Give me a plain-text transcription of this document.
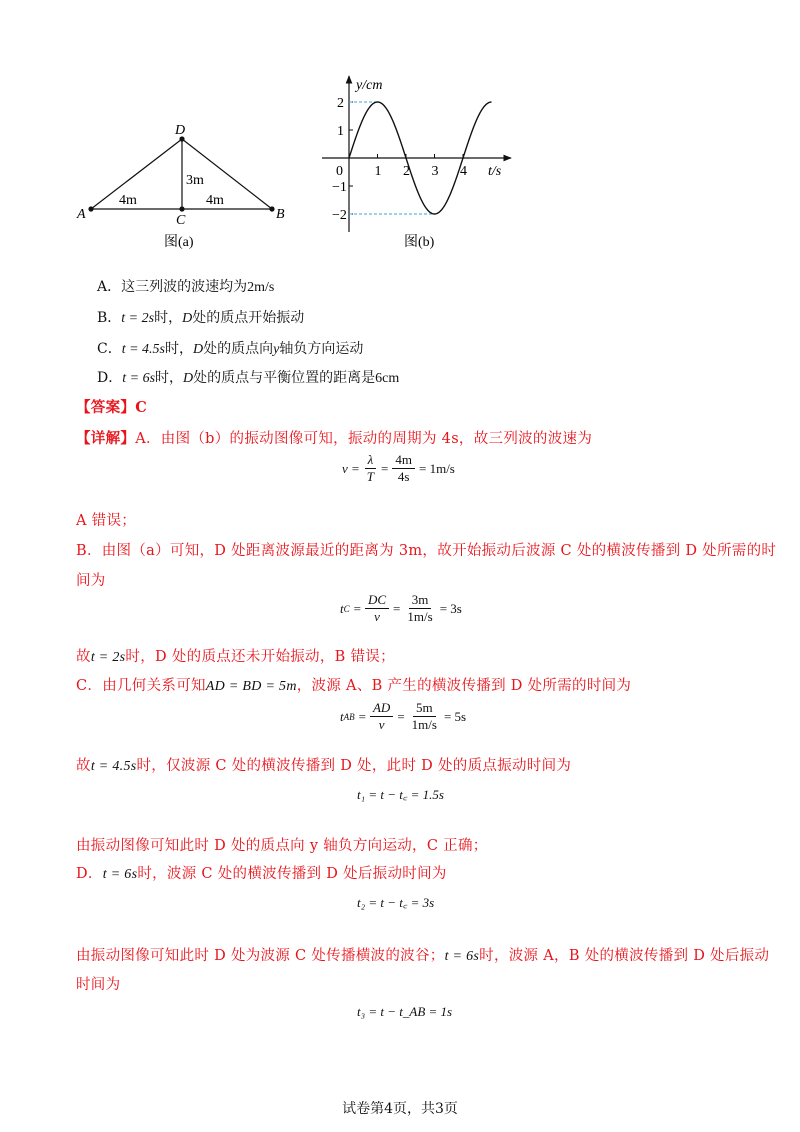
A	B
C
D
4m	4m
3m
图(a)
y/cm
t/s
0 1 2 3 4
2
1
−1
−2
图(b)
A．这三列波的波速均为2m/s
B．t = 2s时，D处的质点开始振动
C．t = 4.5s时，D处的质点向y轴负方向运动
D．t = 6s时，D处的质点与平衡位置的距离是6cm
【答案】C
【详解】A．由图（b）的振动图像可知，振动的周期为 4s，故三列波的波速为
$v = \frac{\lambda}{T} = \frac{4m}{4s} = 1m/s$
A 错误；
B．由图（a）可知，D 处距离波源最近的距离为 3m，故开始振动后波源 C 处的横波传播到 D 处所需的时
间为
t $C = \frac{DC}{v} = \frac{3m}{1m/s} = 3s$
故t = 2s时，D 处的质点还未开始振动，B 错误；
C．由几何关系可知AD = BD = 5m，波源 A、B 产生的横波传播到 D 处所需的时间为
t AB = $\frac{AD}{v} = \frac{5m}{1m/s} = 5s$
故t = 4.5s时，仅波源 C 处的横波传播到 D 处，此时 D 处的质点振动时间为
t₁ = t − t꜀ = 1.5s
由振动图像可知此时 D 处的质点向 y 轴负方向运动，C 正确；
D．t = 6s时，波源 C 处的横波传播到 D 处后振动时间为
t₂ = t − t꜀ = 3s
由振动图像可知此时 D 处为波源 C 处传播横波的波谷；t = 6s时，波源 A，B 处的横波传播到 D 处后振动
时间为
t₃ = t − t_AB = 1s
试卷第4页，共3页
